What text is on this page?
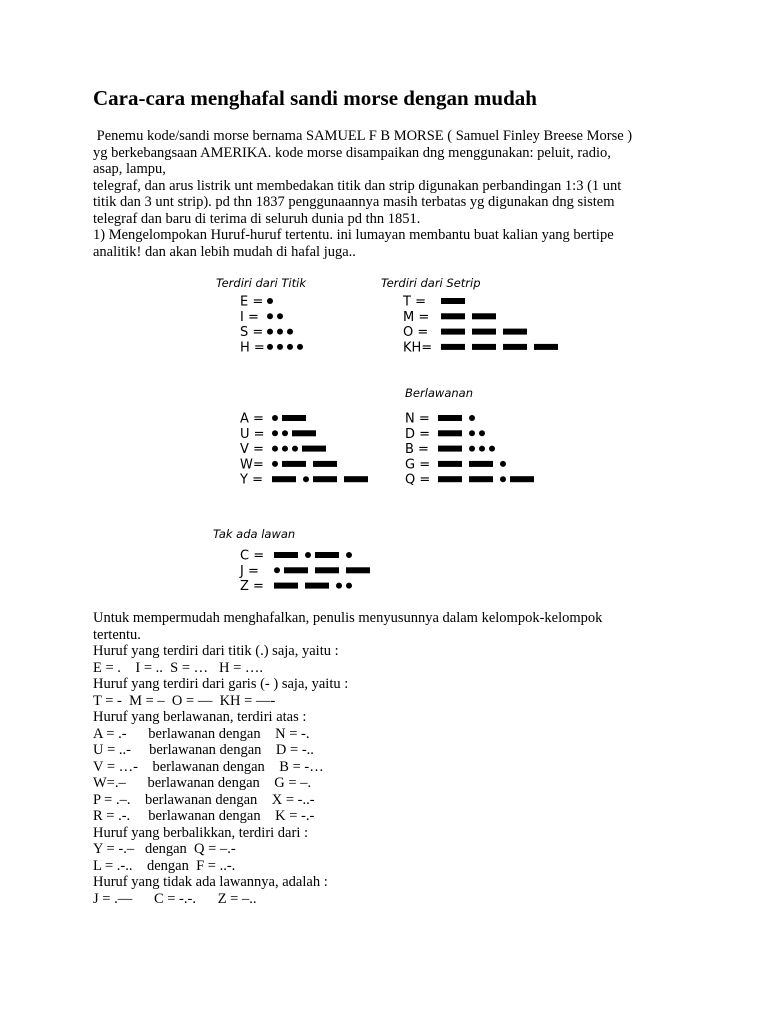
Cara-cara menghafal sandi morse dengan mudah
Penemu kode/sandi morse bernama SAMUEL F B MORSE ( Samuel Finley Breese Morse )
yg berkebangsaan AMERIKA. kode morse disampaikan dng menggunakan: peluit, radio,
asap, lampu,
telegraf, dan arus listrik unt membedakan titik dan strip digunakan perbandingan 1:3 (1 unt
titik dan 3 unt strip). pd thn 1837 penggunaannya masih terbatas yg digunakan dng sistem
telegraf dan baru di terima di seluruh dunia pd thn 1851.
1) Mengelompokan Huruf-huruf tertentu. ini lumayan membantu buat kalian yang bertipe
analitik! dan akan lebih mudah di hafal juga..
Terdiri dari Titik
E =
I =
S =
H =
Terdiri dari Setrip
T =
M =
O =
KH=
A =
U =
V =
W=
Y =
Berlawanan
N =
D =
B =
G =
Q =
Tak ada lawan
C =
J =
Z =
Untuk mempermudah menghafalkan, penulis menyusunnya dalam kelompok-kelompok
tertentu.
Huruf yang terdiri dari titik (.) saja, yaitu :
E = .    I = ..  S = …   H = ….
Huruf yang terdiri dari garis (- ) saja, yaitu :
T = -  M = –  O = —  KH = —-
Huruf yang berlawanan, terdiri atas :
A = .-      berlawanan dengan    N = -.
U = ..-     berlawanan dengan    D = -..
V = …-    berlawanan dengan    B = -…
W=.–      berlawanan dengan    G = –.
P = .–.    berlawanan dengan    X = -..-
R = .-.     berlawanan dengan    K = -.-
Huruf yang berbalikkan, terdiri dari :
Y = -.–   dengan  Q = –.-
L = .-..    dengan  F = ..-.
Huruf yang tidak ada lawannya, adalah :
J = .—      C = -.-.      Z = –..
